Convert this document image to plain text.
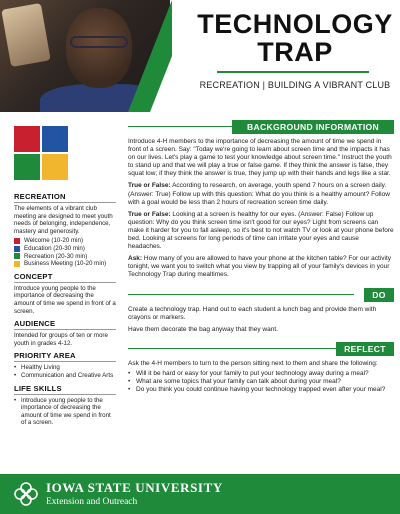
TECHNOLOGY
TRAP
RECREATION | BUILDING A VIBRANT CLUB
RECREATION
The elements of a vibrant club meeting are designed to meet youth needs of belonging, independence, mastery and generosity.
Welcome (10-20 min)
Education (20-30 min)
Recreation (20-30 min)
Business Meeting (10-20 min)
CONCEPT
Introduce young people to the importance of decreasing the amount of time we spend in front of a screen.
AUDIENCE
Intended for groups of ten or more youth in grades 4-12.
PRIORITY AREA
• Healthy Living
• Communication and Creative Arts
LIFE SKILLS
• Introduce young people to the importance of decreasing the amount of time we spend in front of a screen.
BACKGROUND INFORMATION
Introduce 4-H members to the importance of decreasing the amount of time we spend in front of a screen. Say: "Today we're going to learn about screen time and the impacts it has on our lives. Let's play a game to test your knowledge about screen time." Instruct the youth to stand up and that we will play a true or false game. If they think the answer is false, they squat low; if they think the answer is true, they jump up with their hands and legs like a star.
True or False: According to research, on average, youth spend 7 hours on a screen daily. (Answer: True) Follow up with this question: What do you think is a healthy amount? Follow with a goal would be less than 2 hours of recreation screen time daily.
True or False: Looking at a screen is healthy for our eyes. (Answer: False) Follow up question: Why do you think screen time isn't good for our eyes? Light from screens can make it harder for you to fall asleep, so it's best to not watch TV or look at your phone before bed. Looking at screens for long periods of time can irritate your eyes and cause headaches.
Ask: How many of you are allowed to have your phone at the kitchen table? For our activity tonight, we want you to switch what you view by trapping all of your family's devices in your Technology Trap during mealtimes.
DO
Create a technology trap. Hand out to each student a lunch bag and provide them with crayons or markers.
Have them decorate the bag anyway that they want.
REFLECT
Ask the 4-H members to turn to the person sitting next to them and share the following:
• Will it be hard or easy for your family to put your technology away during a meal?
• What are some topics that your family can talk about during your meal?
• Do you think you could continue having your technology trapped even after your meal?
IOWA STATE UNIVERSITY
Extension and Outreach
